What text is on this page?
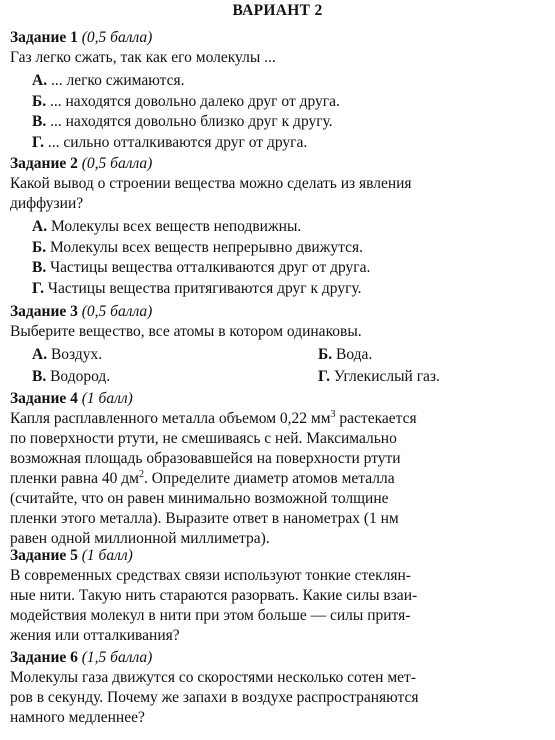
ВАРИАНТ 2
Задание 1 (0,5 балла)
Газ легко сжать, так как его молекулы ...
А. ... легко сжимаются.
Б. ... находятся довольно далеко друг от друга.
В. ... находятся довольно близко друг к другу.
Г. ... сильно отталкиваются друг от друга.
Задание 2 (0,5 балла)
Какой вывод о строении вещества можно сделать из явления
диффузии?
А. Молекулы всех веществ неподвижны.
Б. Молекулы всех веществ непрерывно движутся.
В. Частицы вещества отталкиваются друг от друга.
Г. Частицы вещества притягиваются друг к другу.
Задание 3 (0,5 балла)
Выберите вещество, все атомы в котором одинаковы.
А. Воздух.	Б. Вода.
В. Водород.	Г. Углекислый газ.
Задание 4 (1 балл)
Капля расплавленного металла объемом 0,22 $мм^3$ растекается
по поверхности ртути, не смешиваясь с ней. Максимально
возможная площадь образовавшейся на поверхности ртути
пленки равна 40 $дм^2$. Определите диаметр атомов металла
(считайте, что он равен минимально возможной толщине
пленки этого металла). Выразите ответ в нанометрах (1 нм
равен одной миллионной миллиметра).
Задание 5 (1 балл)
В современных средствах связи используют тонкие стеклян-
ные нити. Такую нить стараются разорвать. Какие силы взаи-
модействия молекул в нити при этом больше — силы притя-
жения или отталкивания?
Задание 6 (1,5 балла)
Молекулы газа движутся со скоростями несколько сотен мет-
ров в секунду. Почему же запахи в воздухе распространяются
намного медленнее?
